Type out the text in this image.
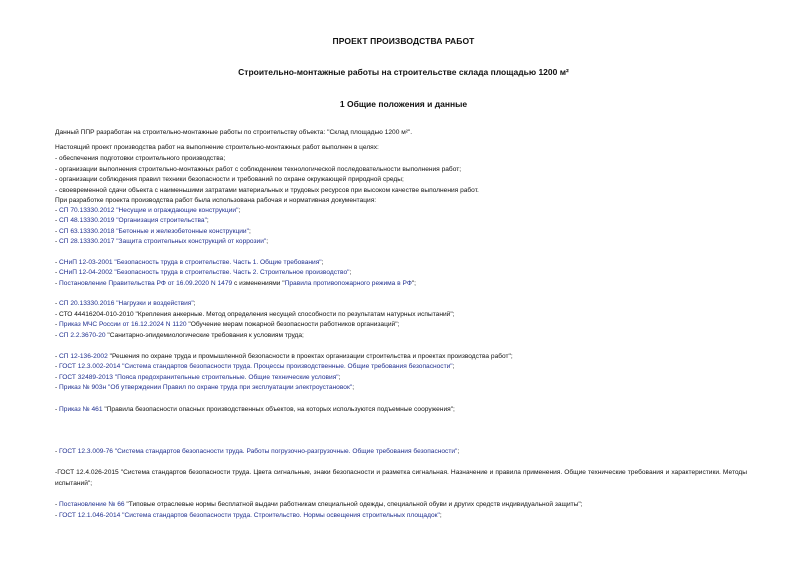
ПРОЕКТ ПРОИЗВОДСТВА РАБОТ
Строительно-монтажные работы на строительстве склада площадью 1200 м²
1 Общие положения и данные
Данный ППР разработан на строительно-монтажные работы по строительству объекта: "Склад площадью 1200 м²".
Настоящий проект производства работ на выполнение строительно-монтажных работ выполнен в целях:
- обеспечения подготовки строительного производства;
- организации выполнения строительно-монтажных работ с соблюдением технологической последовательности выполнения работ;
- организации соблюдения правил техники безопасности и требований по охране окружающей природной среды;
- своевременной сдачи объекта с наименьшими затратами материальных и трудовых ресурсов при высоком качестве выполнения работ.
При разработке проекта производства работ была использована рабочая и нормативная документация:
- СП 70.13330.2012 "Несущие и ограждающие конструкции";
- СП 48.13330.2019 "Организация строительства";
- СП 63.13330.2018 "Бетонные и железобетонные конструкции";
- СП 28.13330.2017 "Защита строительных конструкций от коррозии";
- СНиП 12-03-2001 "Безопасность труда в строительстве. Часть 1. Общие требования";
- СНиП 12-04-2002 "Безопасность труда в строительстве. Часть 2. Строительное производство";
- Постановление Правительства РФ от 16.09.2020 N 1479 с изменениями "Правила противопожарного режима в РФ";
- СП 20.13330.2016 "Нагрузки и воздействия";
- СТО 44416204-010-2010 "Крепления анкерные. Метод определения несущей способности по результатам натурных испытаний";
- Приказ МЧС России от 16.12.2024 N 1120 "Обучение мерам пожарной безопасности работников организаций";
- СП 2.2.3670-20 "Санитарно-эпидемиологические требования к условиям труда;
- СП 12-136-2002 "Решения по охране труда и промышленной безопасности в проектах организации строительства и проектах производства работ";
- ГОСТ 12.3.002-2014 "Система стандартов безопасности труда. Процессы производственные. Общие требования безопасности";
- ГОСТ 32489-2013 "Пояса предохранительные строительные. Общие технические условия";
- Приказ № 903н "Об утверждении Правил по охране труда при эксплуатации электроустановок";
- Приказ № 461 "Правила безопасности опасных производственных объектов, на которых используются подъемные сооружения";
- ГОСТ 12.3.009-76 "Система стандартов безопасности труда. Работы погрузочно-разгрузочные. Общие требования безопасности";
-ГОСТ 12.4.026-2015 "Система стандартов безопасности труда. Цвета сигнальные, знаки безопасности и разметка сигнальная. Назначение и правила применения. Общие технические требования и характеристики. Методы испытаний";
- Постановление № 66 "Типовые отраслевые нормы бесплатной выдачи работникам специальной одежды, специальной обуви и других средств индивидуальной защиты";
- ГОСТ 12.1.046-2014 "Система стандартов безопасности труда. Строительство. Нормы освещения строительных площадок";
